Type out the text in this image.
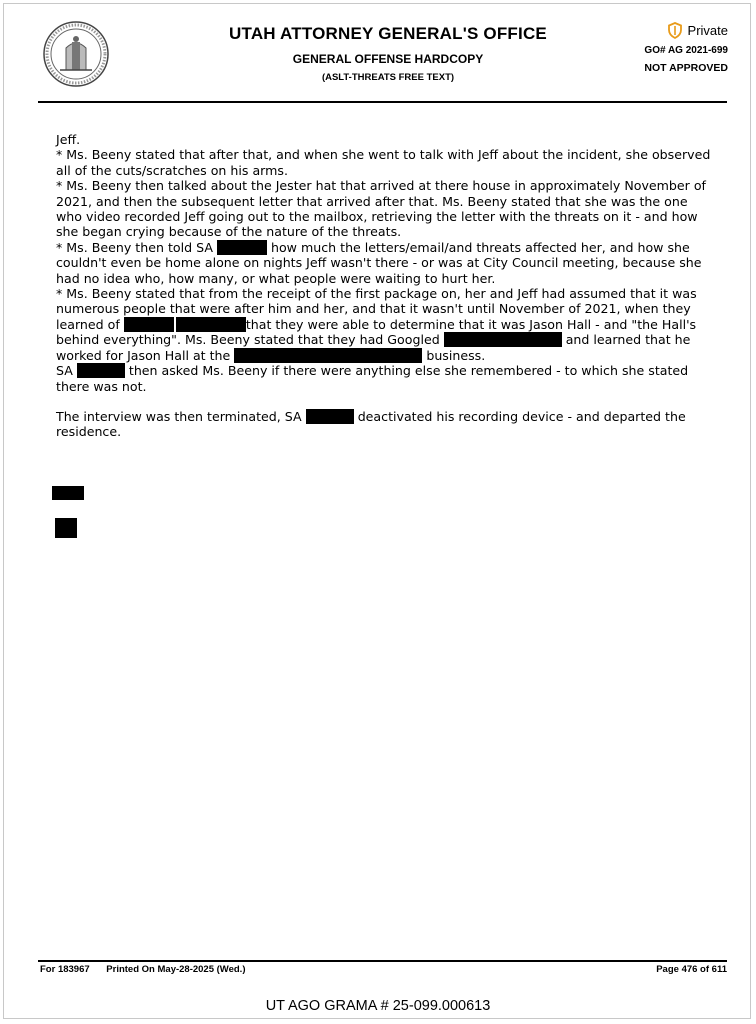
UTAH ATTORNEY GENERAL'S OFFICE
GENERAL OFFENSE HARDCOPY
(ASLT-THREATS FREE TEXT)
Private
GO# AG 2021-699
NOT APPROVED

Jeff.

* Ms. Beeny stated that after that, and when she went to talk with Jeff about the incident, she observed all of the cuts/scratches on his arms.

* Ms. Beeny then talked about the Jester hat that arrived at there house in approximately November of 2021, and then the subsequent letter that arrived after that. Ms. Beeny stated that she was the one who video recorded Jeff going out to the mailbox, retrieving the letter with the threats on it - and how she began crying because of the nature of the threats.

* Ms. Beeny then told SA	how much the letters/email/and threats affected her, and how she couldn't even be home alone on nights Jeff wasn't there - or was at City Council meeting, because she had no idea who, how many, or what people were waiting to hurt her.

* Ms. Beeny stated that from the receipt of the first package on, her and Jeff had assumed that it was numerous people that were after him and her, and that it wasn't until November of 2021, when they learned of	that they were able to determine that it was Jason Hall - and "the Hall's behind everything". Ms. Beeny stated that they had Googled	and learned that he worked for Jason Hall at the	business.

SA	then asked Ms. Beeny if there were anything else she remembered - to which she stated there was not.

The interview was then terminated, SA	deactivated his recording device - and departed the residence.

For 183967 Printed On May-28-2025 (Wed.)	Page 476 of 611
UT AGO GRAMA # 25-099.000613
